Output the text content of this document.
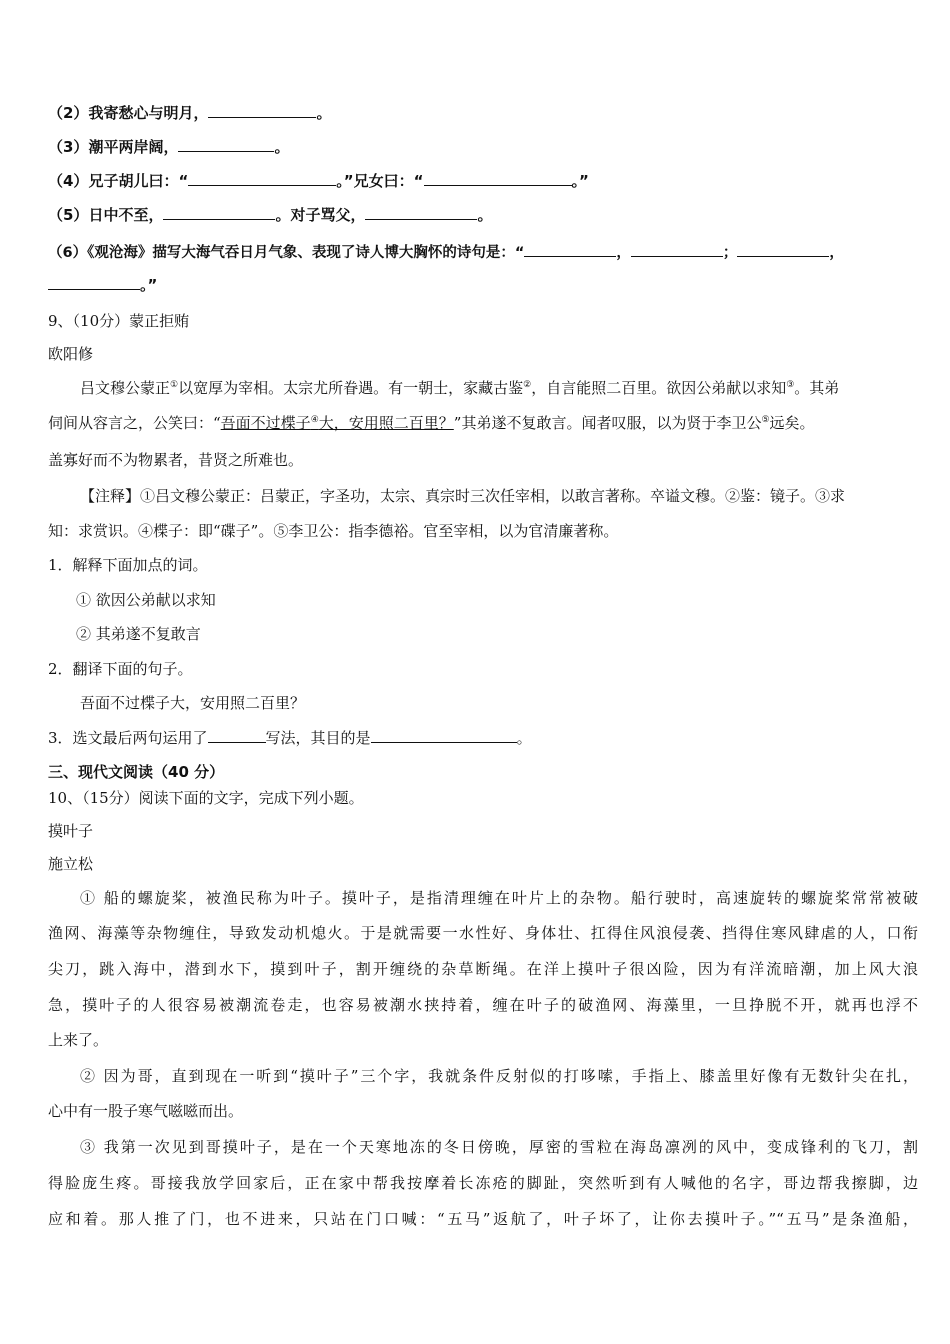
（2）我寄愁心与明月，	。
（3）潮平两岸阔，	。
（4）兄子胡儿曰：“	。”兄女曰：“	。”
（5）日中不至，	。对子骂父，	。
（6）《观沧海》描写大海气吞日月气象、表现了诗人博大胸怀的诗句是：“	，	；	，
。”
9、（10分）蒙正拒贿
欧阳修
吕文穆公蒙正①以宽厚为宰相。太宗尤所眷遇。有一朝士，家藏古鉴②，自言能照二百里。欲因公弟献以求知③。其弟
伺间从容言之，公笑曰：“吾面不过楪子④大，安用照二百里？”其弟遂不复敢言。闻者叹服，以为贤于李卫公⑤远矣。
盖寡好而不为物累者，昔贤之所难也。
【注释】①吕文穆公蒙正：吕蒙正，字圣功，太宗、真宗时三次任宰相，以敢言著称。卒谥文穆。②鉴：镜子。③求
知：求赏识。④楪子：即“碟子”。⑤李卫公：指李德裕。官至宰相，以为官清廉著称。
1．解释下面加点的词。
① 欲因公弟献以求知
② 其弟遂不复敢言
2．翻译下面的句子。
吾面不过楪子大，安用照二百里？
3．选文最后两句运用了	写法，其目的是	。
三、现代文阅读（40 分）
10、（15分）阅读下面的文字，完成下列小题。
摸叶子
施立松
① 船的螺旋桨，被渔民称为叶子。摸叶子，是指清理缠在叶片上的杂物。船行驶时，高速旋转的螺旋桨常常被破
渔网、海藻等杂物缠住，导致发动机熄火。于是就需要一水性好、身体壮、扛得住风浪侵袭、挡得住寒风肆虐的人，口衔
尖刀，跳入海中，潜到水下，摸到叶子，割开缠绕的杂草断绳。在洋上摸叶子很凶险，因为有洋流暗潮，加上风大浪
急，摸叶子的人很容易被潮流卷走，也容易被潮水挟持着，缠在叶子的破渔网、海藻里，一旦挣脱不开，就再也浮不
上来了。
② 因为哥，直到现在一听到“摸叶子”三个字，我就条件反射似的打哆嗦，手指上、膝盖里好像有无数针尖在扎，
心中有一股子寒气嗞嗞而出。
③ 我第一次见到哥摸叶子，是在一个天寒地冻的冬日傍晚，厚密的雪粒在海岛凛冽的风中，变成锋利的飞刀，割
得脸庞生疼。哥接我放学回家后，正在家中帮我按摩着长冻疮的脚趾，突然听到有人喊他的名字，哥边帮我擦脚，边
应和着。那人推了门，也不进来，只站在门口喊：“五马”返航了，叶子坏了，让你去摸叶子。”“五马”是条渔船，
